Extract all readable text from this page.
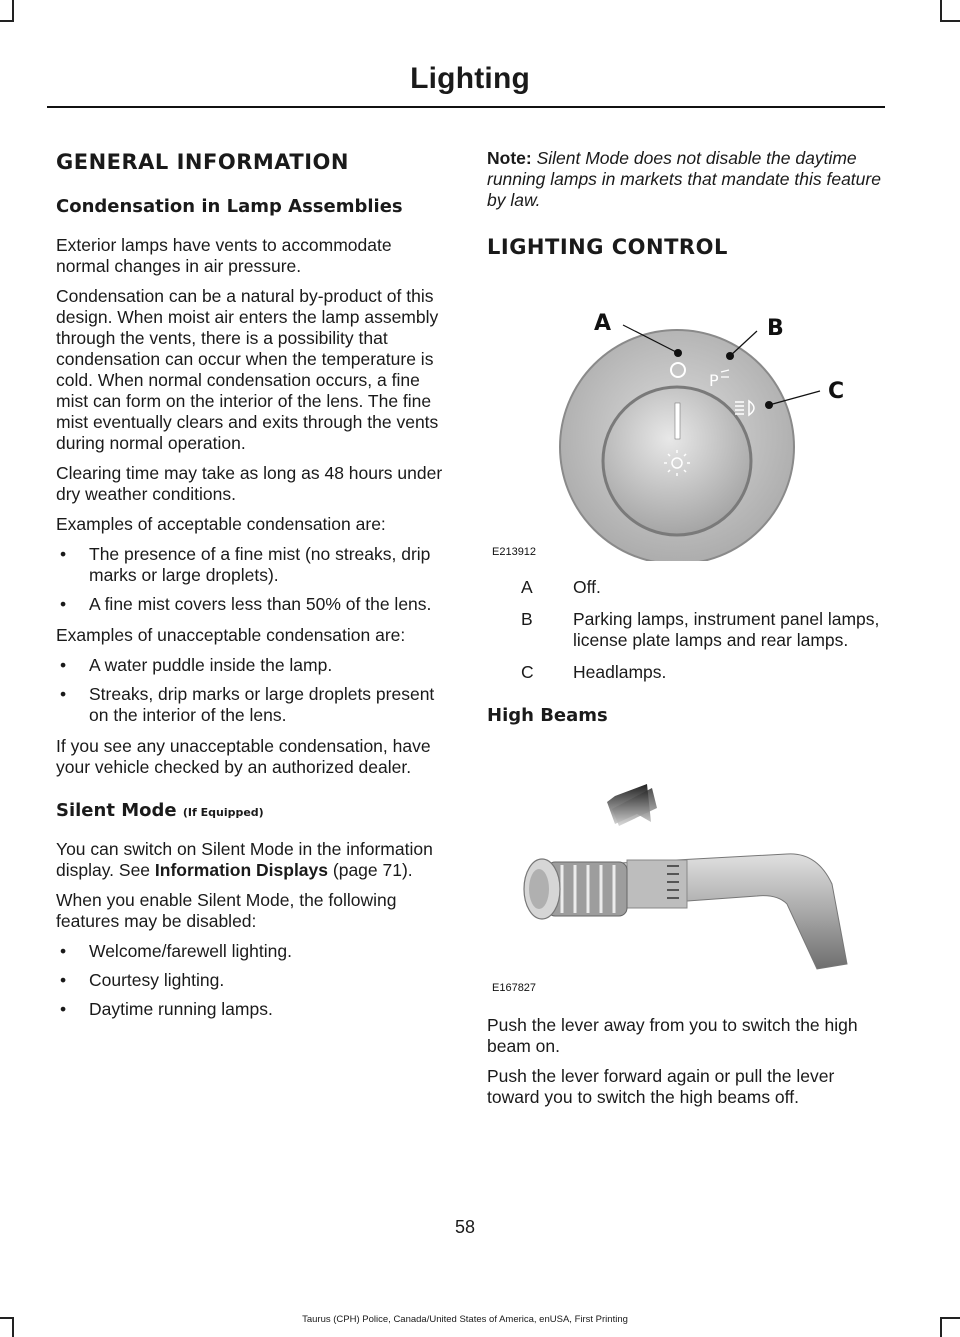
Lighting
GENERAL INFORMATION
Condensation in Lamp Assemblies

Exterior lamps have vents to accommodate normal changes in air pressure.

Condensation can be a natural by-product of this design. When moist air enters the lamp assembly through the vents, there is a possibility that condensation can occur when the temperature is cold. When normal condensation occurs, a fine mist can form on the interior of the lens. The fine mist eventually clears and exits through the vents during normal operation.

Clearing time may take as long as 48 hours under dry weather conditions.

Examples of acceptable condensation are:

• The presence of a fine mist (no streaks, drip marks or large droplets).
• A fine mist covers less than 50% of the lens.

Examples of unacceptable condensation are:

• A water puddle inside the lamp.
• Streaks, drip marks or large droplets present on the interior of the lens.

If you see any unacceptable condensation, have your vehicle checked by an authorized dealer.

Silent Mode (If Equipped)

You can switch on Silent Mode in the information display. See Information Displays (page 71).

When you enable Silent Mode, the following features may be disabled:

• Welcome/farewell lighting.
• Courtesy lighting.
• Daytime running lamps.

Note: Silent Mode does not disable the daytime running lamps in markets that mandate this feature by law.

LIGHTING CONTROL
P
A	B
C
E213912
A	Off.
B	Parking lamps, instrument panel lamps, license plate lamps and rear lamps.
C	Headlamps.
High Beams
E167827

Push the lever away from you to switch the high beam on.

Push the lever forward again or pull the lever toward you to switch the high beams off.

58
Taurus (CPH) Police, Canada/United States of America, enUSA, First Printing
